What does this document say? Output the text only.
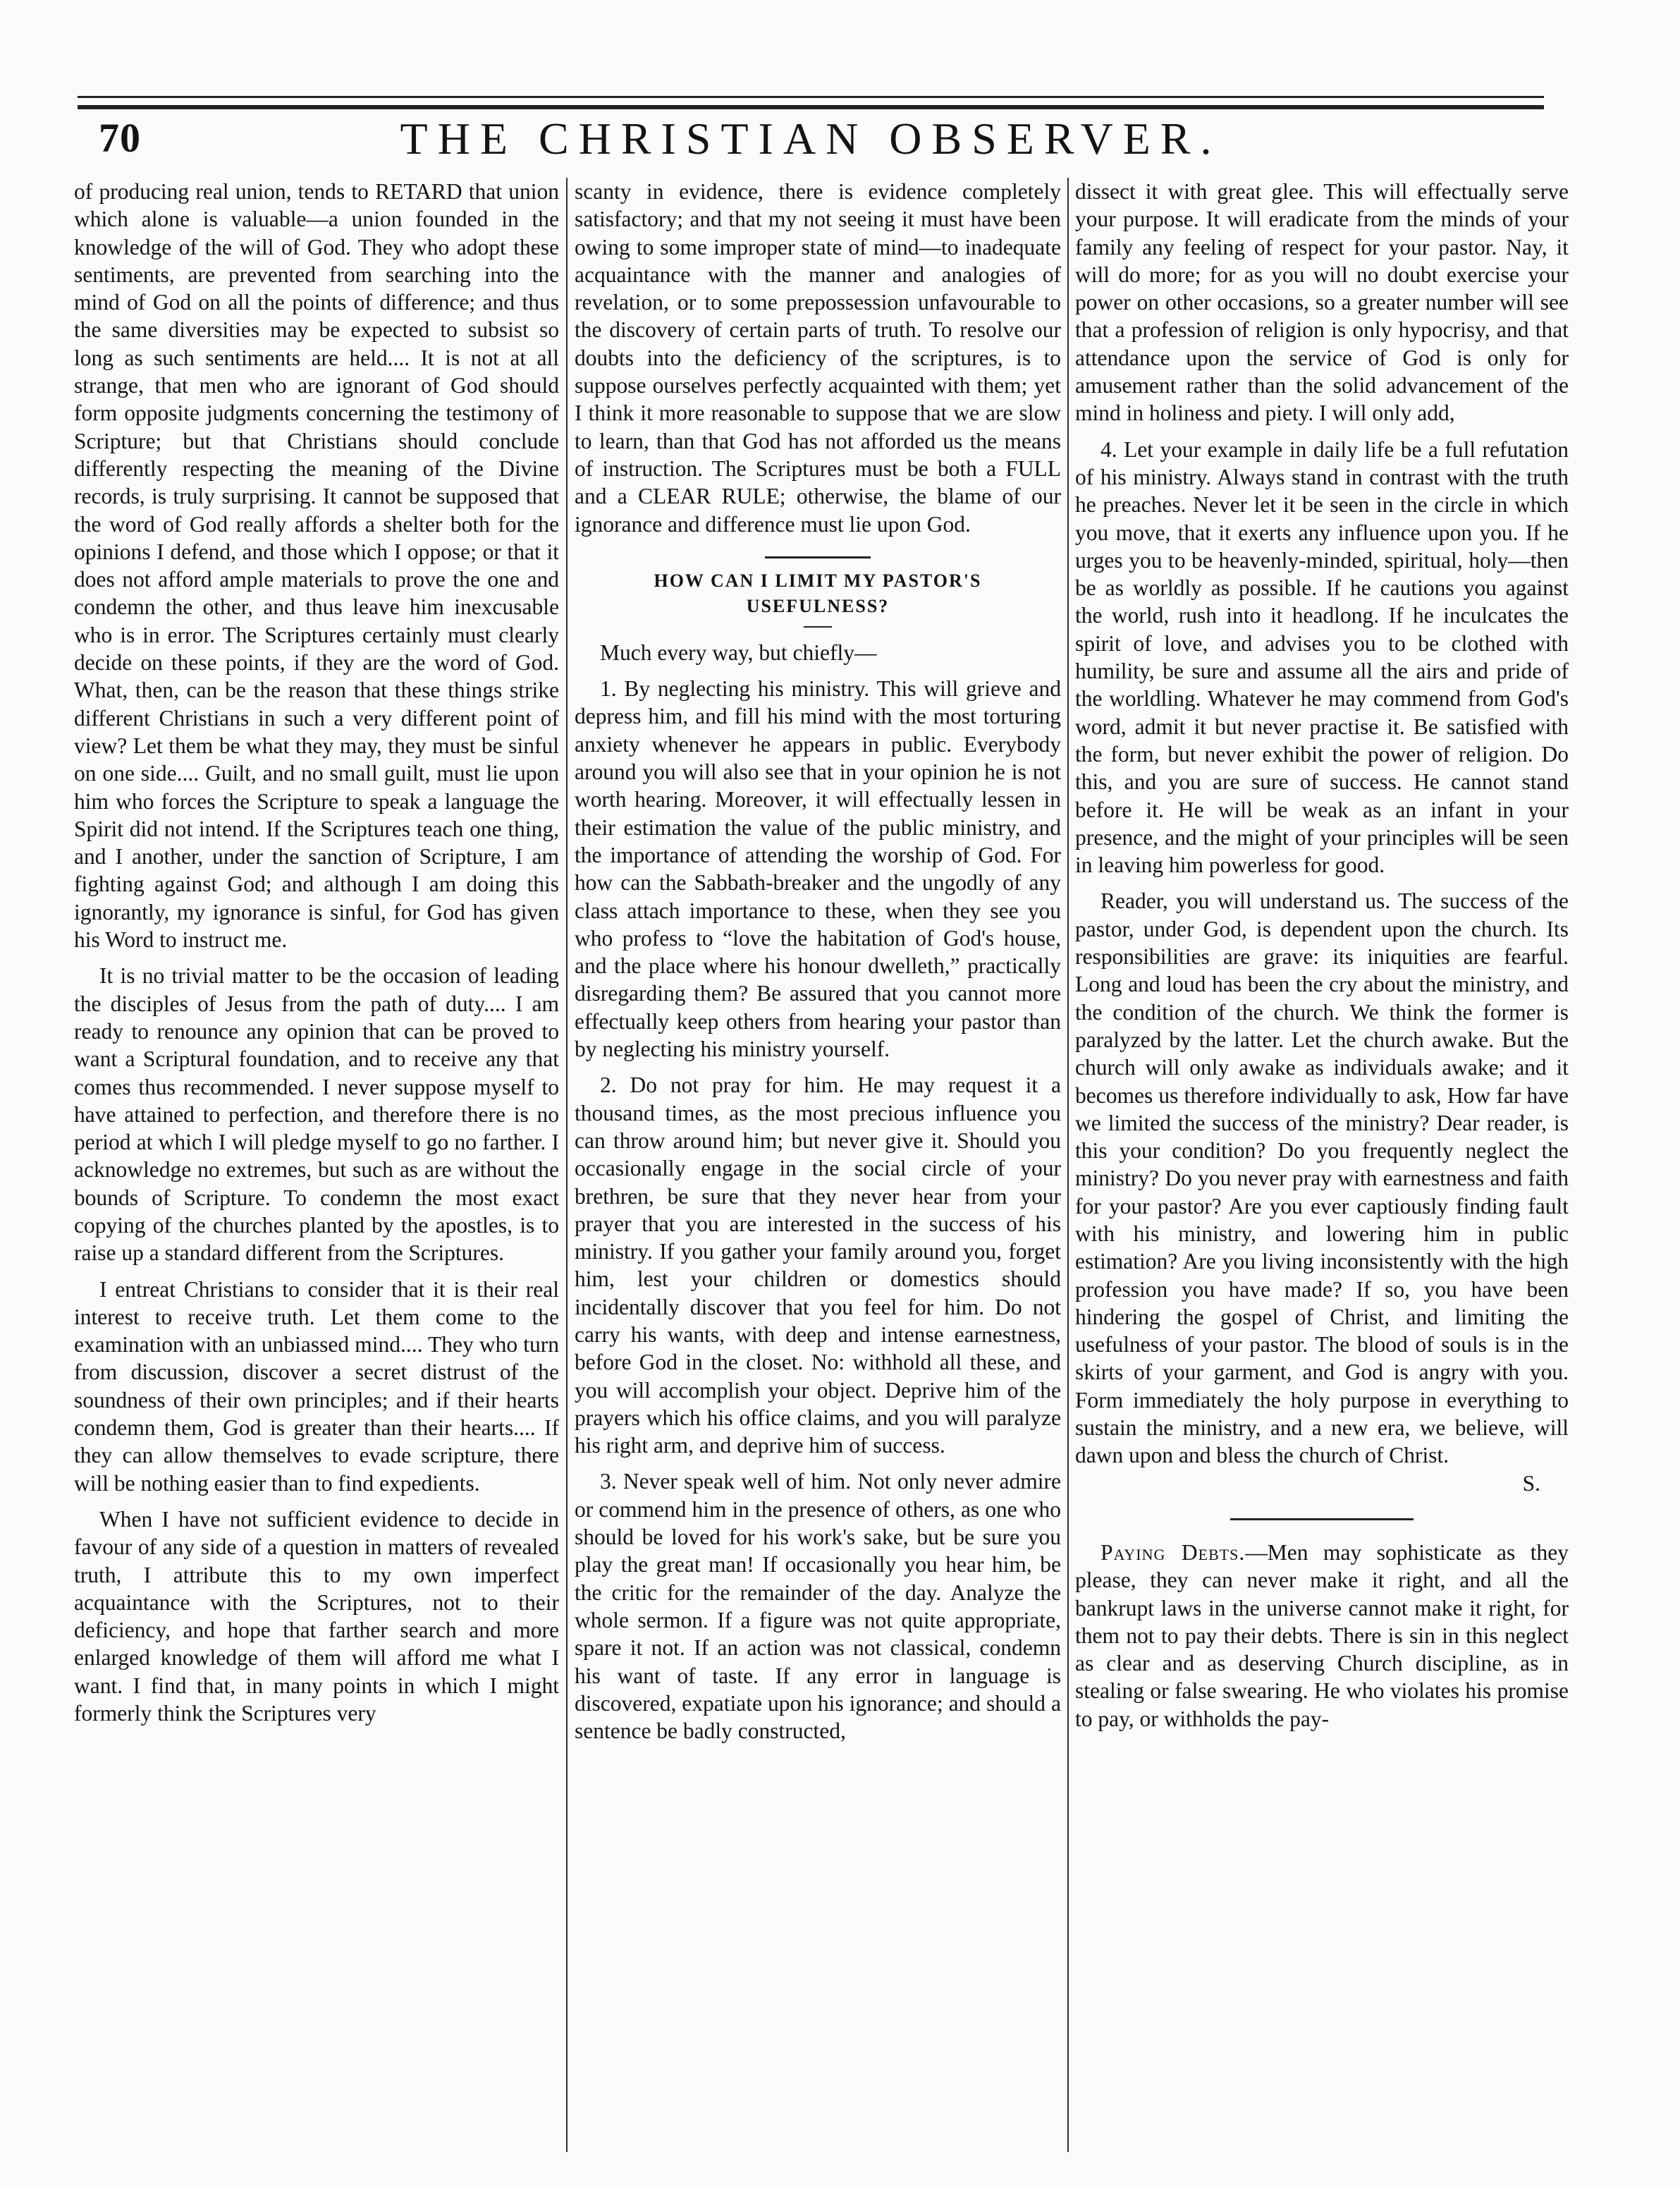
70	THE CHRISTIAN OBSERVER.

of producing real union, tends to RETARD that union which alone is valuable—a union founded in the knowledge of the will of God. They who adopt these sentiments, are prevented from searching into the mind of God on all the points of difference; and thus the same diversities may be expected to subsist so long as such sentiments are held.... It is not at all strange, that men who are ignorant of God should form opposite judgments concerning the testimony of Scripture; but that Christians should conclude differently respecting the meaning of the Divine records, is truly surprising. It cannot be supposed that the word of God really affords a shelter both for the opinions I defend, and those which I oppose; or that it does not afford ample materials to prove the one and condemn the other, and thus leave him inexcusable who is in error. The Scriptures certainly must clearly decide on these points, if they are the word of God. What, then, can be the reason that these things strike different Christians in such a very different point of view? Let them be what they may, they must be sinful on one side.... Guilt, and no small guilt, must lie upon him who forces the Scripture to speak a language the Spirit did not intend. If the Scriptures teach one thing, and I another, under the sanction of Scripture, I am fighting against God; and although I am doing this ignorantly, my ignorance is sinful, for God has given his Word to instruct me.

It is no trivial matter to be the occasion of leading the disciples of Jesus from the path of duty.... I am ready to renounce any opinion that can be proved to want a Scriptural foundation, and to receive any that comes thus recommended. I never suppose myself to have attained to perfection, and therefore there is no period at which I will pledge myself to go no farther. I acknowledge no extremes, but such as are without the bounds of Scripture. To condemn the most exact copying of the churches planted by the apostles, is to raise up a standard different from the Scriptures.

I entreat Christians to consider that it is their real interest to receive truth. Let them come to the examination with an unbiassed mind.... They who turn from discussion, discover a secret distrust of the soundness of their own principles; and if their hearts condemn them, God is greater than their hearts.... If they can allow themselves to evade scripture, there will be nothing easier than to find expedients.

When I have not sufficient evidence to decide in favour of any side of a question in matters of revealed truth, I attribute this to my own imperfect acquaintance with the Scriptures, not to their deficiency, and hope that farther search and more enlarged knowledge of them will afford me what I want. I find that, in many points in which I might formerly think the Scriptures very

scanty in evidence, there is evidence completely satisfactory; and that my not seeing it must have been owing to some improper state of mind—to inadequate acquaintance with the manner and analogies of revelation, or to some prepossession unfavourable to the discovery of certain parts of truth. To resolve our doubts into the deficiency of the scriptures, is to suppose ourselves perfectly acquainted with them; yet I think it more reasonable to suppose that we are slow to learn, than that God has not afforded us the means of instruction. The Scriptures must be both a FULL and a CLEAR RULE; otherwise, the blame of our ignorance and difference must lie upon God.

HOW CAN I LIMIT MY PASTOR'S USEFULNESS?

Much every way, but chiefly—

1. By neglecting his ministry. This will grieve and depress him, and fill his mind with the most torturing anxiety whenever he appears in public. Everybody around you will also see that in your opinion he is not worth hearing. Moreover, it will effectually lessen in their estimation the value of the public ministry, and the importance of attending the worship of God. For how can the Sabbath-breaker and the ungodly of any class attach importance to these, when they see you who profess to “love the habitation of God's house, and the place where his honour dwelleth,” practically disregarding them? Be assured that you cannot more effectually keep others from hearing your pastor than by neglecting his ministry yourself.

2. Do not pray for him. He may request it a thousand times, as the most precious influence you can throw around him; but never give it. Should you occasionally engage in the social circle of your brethren, be sure that they never hear from your prayer that you are interested in the success of his ministry. If you gather your family around you, forget him, lest your children or domestics should incidentally discover that you feel for him. Do not carry his wants, with deep and intense earnestness, before God in the closet. No: withhold all these, and you will accomplish your object. Deprive him of the prayers which his office claims, and you will paralyze his right arm, and deprive him of success.

3. Never speak well of him. Not only never admire or commend him in the presence of others, as one who should be loved for his work's sake, but be sure you play the great man! If occasionally you hear him, be the critic for the remainder of the day. Analyze the whole sermon. If a figure was not quite appropriate, spare it not. If an action was not classical, condemn his want of taste. If any error in language is discovered, expatiate upon his ignorance; and should a sentence be badly constructed,

dissect it with great glee. This will effectually serve your purpose. It will eradicate from the minds of your family any feeling of respect for your pastor. Nay, it will do more; for as you will no doubt exercise your power on other occasions, so a greater number will see that a profession of religion is only hypocrisy, and that attendance upon the service of God is only for amusement rather than the solid advancement of the mind in holiness and piety. I will only add,

4. Let your example in daily life be a full refutation of his ministry. Always stand in contrast with the truth he preaches. Never let it be seen in the circle in which you move, that it exerts any influence upon you. If he urges you to be heavenly-minded, spiritual, holy—then be as worldly as possible. If he cautions you against the world, rush into it headlong. If he inculcates the spirit of love, and advises you to be clothed with humility, be sure and assume all the airs and pride of the worldling. Whatever he may commend from God's word, admit it but never practise it. Be satisfied with the form, but never exhibit the power of religion. Do this, and you are sure of success. He cannot stand before it. He will be weak as an infant in your presence, and the might of your principles will be seen in leaving him powerless for good.

Reader, you will understand us. The success of the pastor, under God, is dependent upon the church. Its responsibilities are grave: its iniquities are fearful. Long and loud has been the cry about the ministry, and the condition of the church. We think the former is paralyzed by the latter. Let the church awake. But the church will only awake as individuals awake; and it becomes us therefore individually to ask, How far have we limited the success of the ministry? Dear reader, is this your condition? Do you frequently neglect the ministry? Do you never pray with earnestness and faith for your pastor? Are you ever captiously finding fault with his ministry, and lowering him in public estimation? Are you living inconsistently with the high profession you have made? If so, you have been hindering the gospel of Christ, and limiting the usefulness of your pastor. The blood of souls is in the skirts of your garment, and God is angry with you. Form immediately the holy purpose in everything to sustain the ministry, and a new era, we believe, will dawn upon and bless the church of Christ.

S.

Paying Debts.—Men may sophisticate as they please, they can never make it right, and all the bankrupt laws in the universe cannot make it right, for them not to pay their debts. There is sin in this neglect as clear and as deserving Church discipline, as in stealing or false swearing. He who violates his promise to pay, or withholds the pay-
